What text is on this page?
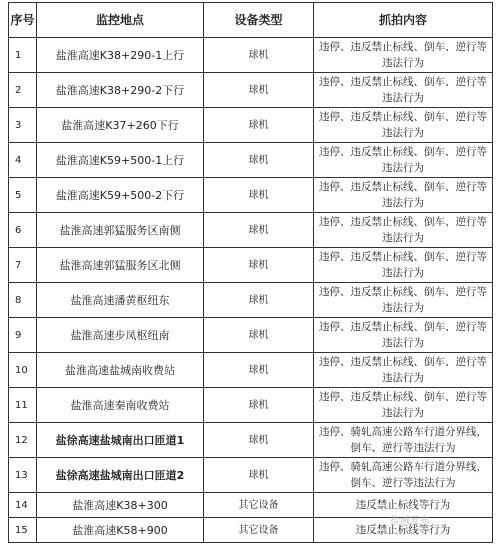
序号	监控地点	设备类型	抓拍内容
1	盐淮高速K38+290-1上行	球机	违停、违反禁止标线、倒车、逆行等违法行为
2	盐淮高速K38+290-2下行	球机	违停、违反禁止标线、倒车、逆行等违法行为
3	盐淮高速K37+260下行	球机	违停、违反禁止标线、倒车、逆行等违法行为
4	盐淮高速K59+500-1上行	球机	违停、违反禁止标线、倒车、逆行等违法行为
5	盐淮高速K59+500-2下行	球机	违停、违反禁止标线、倒车、逆行等违法行为
6	盐淮高速郭猛服务区南侧	球机	违停、违反禁止标线、倒车、逆行等违法行为
7	盐淮高速郭猛服务区北侧	球机	违停、违反禁止标线、倒车、逆行等违法行为
8	盐淮高速潘黄枢纽东	球机	违停、违反禁止标线、倒车、逆行等违法行为
9	盐淮高速步凤枢纽南	球机	违停、违反禁止标线、倒车、逆行等违法行为
10	盐淮高速盐城南收费站	球机	违停、违反禁止标线、倒车、逆行等违法行为
11	盐淮高速秦南收费站	球机	违停、违反禁止标线、倒车、逆行等违法行为
12	盐徐高速盐城南出口匝道1	球机	违停、骑轧高速公路车行道分界线，倒车、逆行等违法行为
13	盐徐高速盐城南出口匝道2	球机	违停、骑轧高速公路车行道分界线，倒车、逆行等违法行为
14	盐淮高速K38+300	其它设备	违反禁止标线等行为
15	盐淮高速K58+900	其它设备	违反禁止标线等行为
盐城发布
